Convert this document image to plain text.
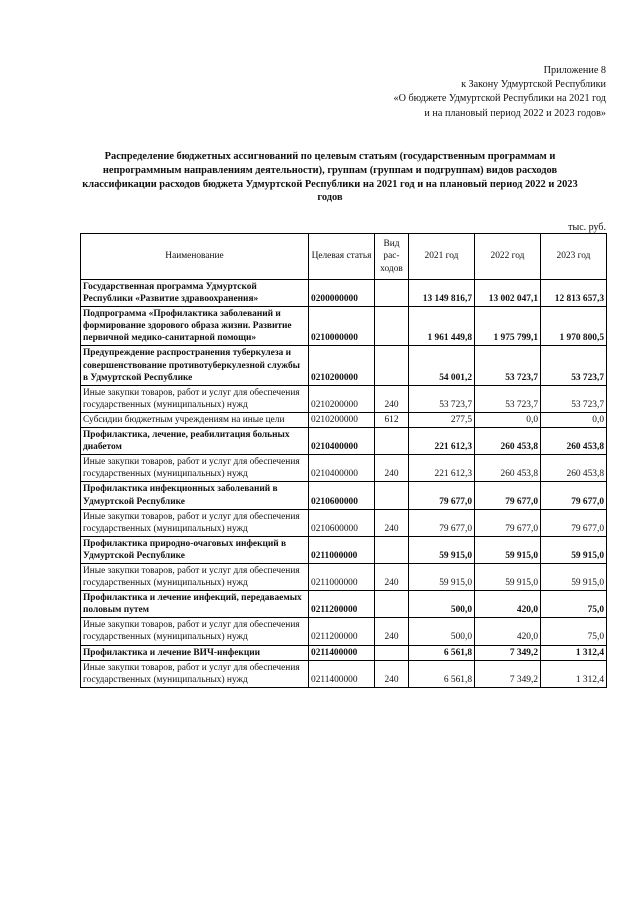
Приложение 8
к Закону Удмуртской Республики
«О бюджете Удмуртской Республики на 2021 год
и на плановый период 2022 и 2023 годов»
Распределение бюджетных ассигнований по целевым статьям (государственным программам и непрограммным направлениям деятельности), группам (группам и подгруппам) видов расходов классификации расходов бюджета Удмуртской Республики на 2021 год и на плановый период 2022 и 2023 годов
тыс. руб.
Наименование	Целевая статья	Вид рас-ходов	2021 год	2022 год	2023 год
Государственная программа Удмуртской Республики «Развитие здравоохранения»	0200000000		13 149 816,7	13 002 047,1	12 813 657,3
Подпрограмма «Профилактика заболеваний и формирование здорового образа жизни. Развитие первичной медико-санитарной помощи»	0210000000		1 961 449,8	1 975 799,1	1 970 800,5
Предупреждение распространения туберкулеза и совершенствование противотуберкулезной службы в Удмуртской Республике	0210200000		54 001,2	53 723,7	53 723,7
Иные закупки товаров, работ и услуг для обеспечения государственных (муниципальных) нужд	0210200000	240	53 723,7	53 723,7	53 723,7
Субсидии бюджетным учреждениям на иные цели	0210200000	612	277,5	0,0	0,0
Профилактика, лечение, реабилитация больных диабетом	0210400000		221 612,3	260 453,8	260 453,8
Иные закупки товаров, работ и услуг для обеспечения государственных (муниципальных) нужд	0210400000	240	221 612,3	260 453,8	260 453,8
Профилактика инфекционных заболеваний в Удмуртской Республике	0210600000		79 677,0	79 677,0	79 677,0
Иные закупки товаров, работ и услуг для обеспечения государственных (муниципальных) нужд	0210600000	240	79 677,0	79 677,0	79 677,0
Профилактика природно-очаговых инфекций в Удмуртской Республике	0211000000		59 915,0	59 915,0	59 915,0
Иные закупки товаров, работ и услуг для обеспечения государственных (муниципальных) нужд	0211000000	240	59 915,0	59 915,0	59 915,0
Профилактика и лечение инфекций, передаваемых половым путем	0211200000		500,0	420,0	75,0
Иные закупки товаров, работ и услуг для обеспечения государственных (муниципальных) нужд	0211200000	240	500,0	420,0	75,0
Профилактика и лечение ВИЧ-инфекции	0211400000		6 561,8	7 349,2	1 312,4
Иные закупки товаров, работ и услуг для обеспечения государственных (муниципальных) нужд	0211400000	240	6 561,8	7 349,2	1 312,4
